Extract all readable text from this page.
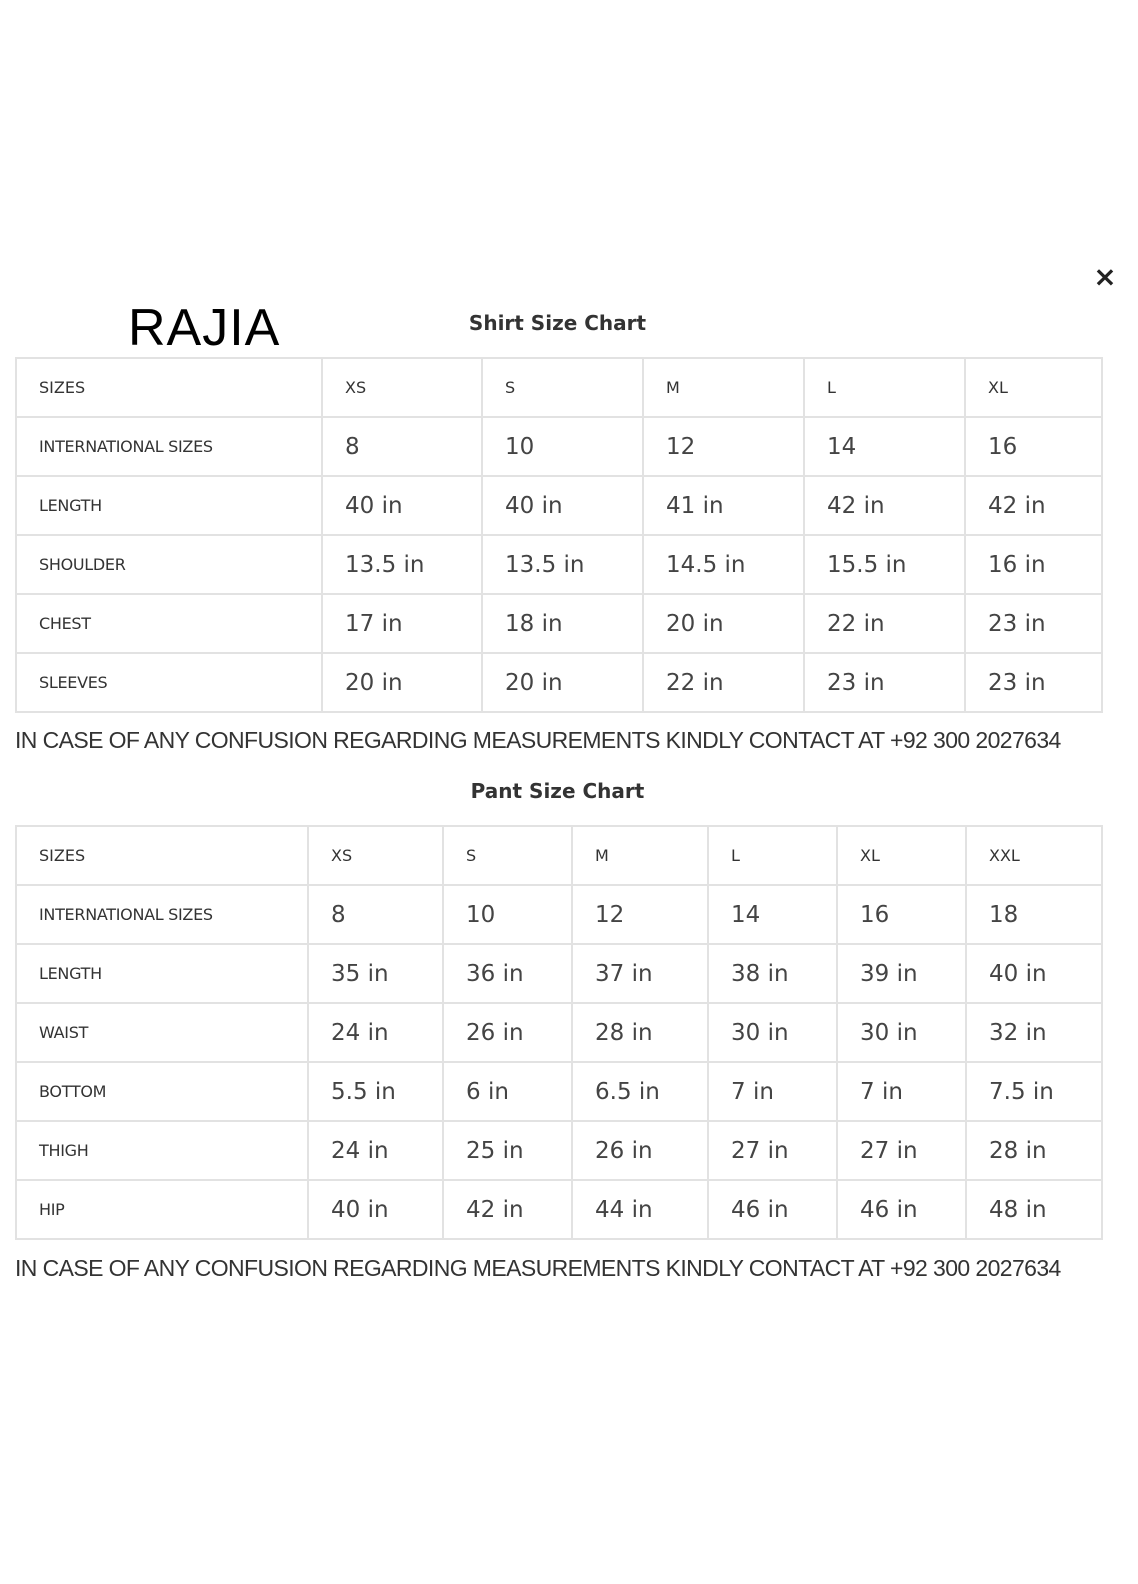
×
RAJIA	Shirt Size Chart
SIZES	XS	S	M	L	XL
INTERNATIONAL SIZES	8	10	12	14	16
LENGTH	40 in	40 in	41 in	42 in	42 in
SHOULDER	13.5 in	13.5 in	14.5 in	15.5 in	16 in
CHEST	17 in	18 in	20 in	22 in	23 in
SLEEVES	20 in	20 in	22 in	23 in	23 in
IN CASE OF ANY CONFUSION REGARDING MEASUREMENTS KINDLY CONTACT AT +92 300 2027634
Pant Size Chart
SIZES	XS	S	M	L	XL	XXL
INTERNATIONAL SIZES	8	10	12	14	16	18
LENGTH	35 in	36 in	37 in	38 in	39 in	40 in
WAIST	24 in	26 in	28 in	30 in	30 in	32 in
BOTTOM	5.5 in	6 in	6.5 in	7 in	7 in	7.5 in
THIGH	24 in	25 in	26 in	27 in	27 in	28 in
HIP	40 in	42 in	44 in	46 in	46 in	48 in
IN CASE OF ANY CONFUSION REGARDING MEASUREMENTS KINDLY CONTACT AT +92 300 2027634
